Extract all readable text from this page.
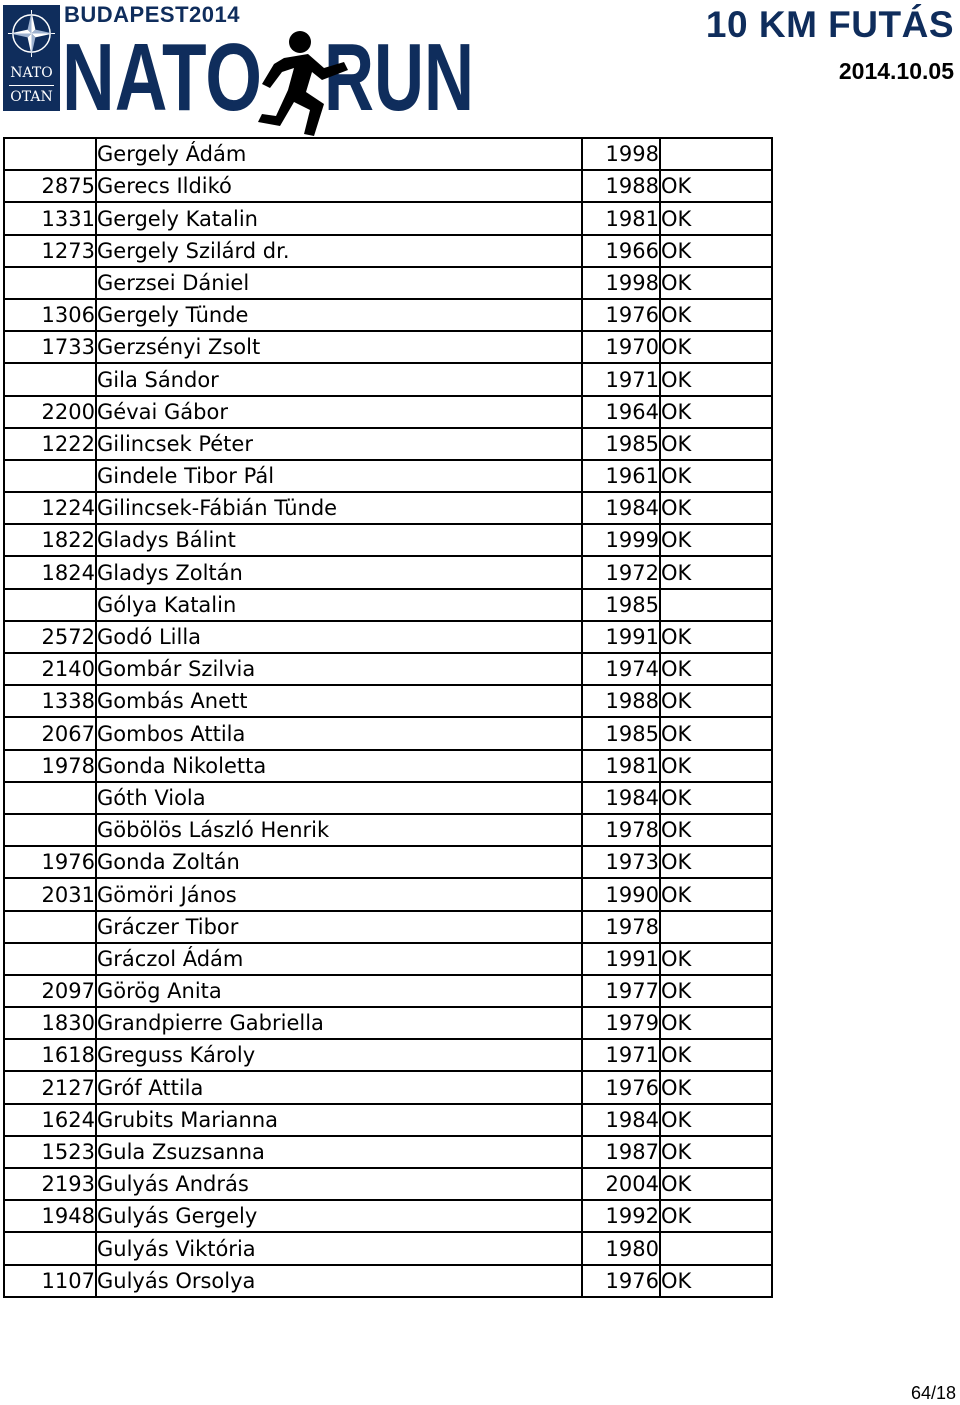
NATO
OTAN
BUDAPEST2014
NATO RUN	10 KM FUTÁS
2014.10.05
	Gergely Ádám	1998	
2875	Gerecs Ildikó	1988	OK
1331	Gergely Katalin	1981	OK
1273	Gergely Szilárd dr.	1966	OK
	Gerzsei Dániel	1998	OK
1306	Gergely Tünde	1976	OK
1733	Gerzsényi Zsolt	1970	OK
	Gila Sándor	1971	OK
2200	Gévai Gábor	1964	OK
1222	Gilincsek Péter	1985	OK
	Gindele Tibor Pál	1961	OK
1224	Gilincsek-Fábián Tünde	1984	OK
1822	Gladys Bálint	1999	OK
1824	Gladys Zoltán	1972	OK
	Gólya Katalin	1985	
2572	Godó Lilla	1991	OK
2140	Gombár Szilvia	1974	OK
1338	Gombás Anett	1988	OK
2067	Gombos Attila	1985	OK
1978	Gonda Nikoletta	1981	OK
	Góth Viola	1984	OK
	Göbölös László Henrik	1978	OK
1976	Gonda Zoltán	1973	OK
2031	Gömöri János	1990	OK
	Gráczer Tibor	1978	
	Gráczol Ádám	1991	OK
2097	Görög Anita	1977	OK
1830	Grandpierre Gabriella	1979	OK
1618	Greguss Károly	1971	OK
2127	Gróf Attila	1976	OK
1624	Grubits Marianna	1984	OK
1523	Gula Zsuzsanna	1987	OK
2193	Gulyás András	2004	OK
1948	Gulyás Gergely	1992	OK
	Gulyás Viktória	1980	
1107	Gulyás Orsolya	1976	OK
64/18
